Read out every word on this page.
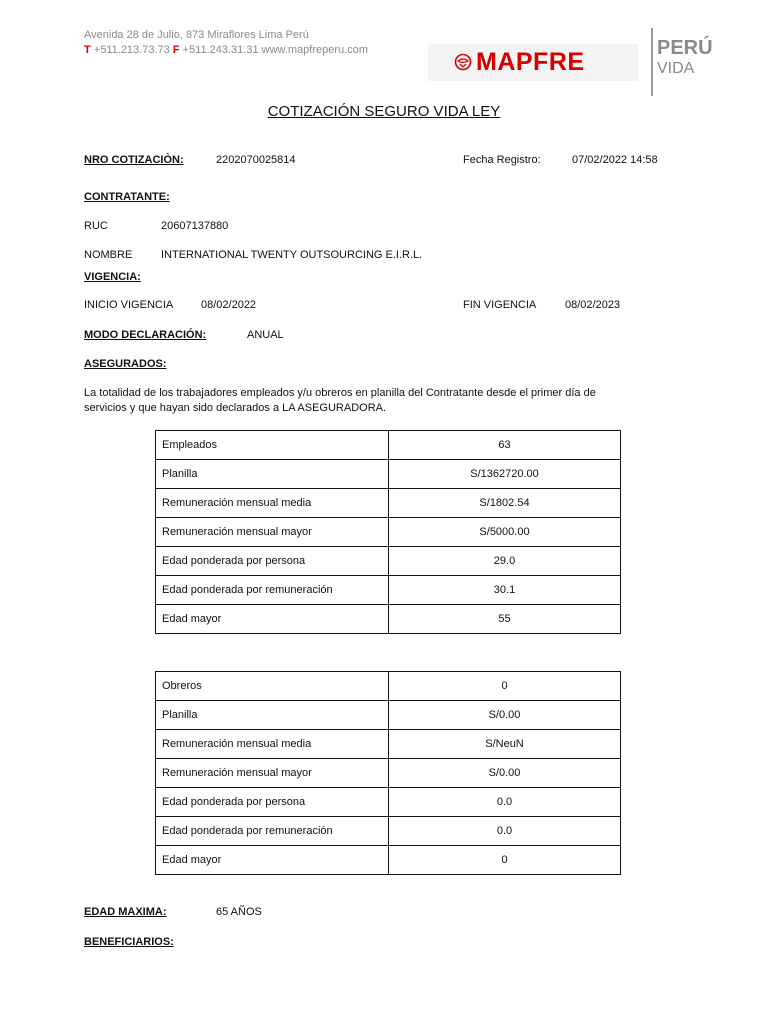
Avenida 28 de Julio, 873 Miraflores Lima Perú
T +511.213.73.73 F +511.243.31.31 www.mapfreperu.com	MAPFRE	PERÚ
VIDA
COTIZACIÓN SEGURO VIDA LEY
NRO COTIZACIÒN:	2202070025814	Fecha Registro:	07/02/2022 14:58
CONTRATANTE:
RUC	20607137880
NOMBRE	INTERNATIONAL TWENTY OUTSOURCING E.I.R.L.
VIGENCIA:
INICIO VIGENCIA	08/02/2022	FIN VIGENCIA	08/02/2023
MODO DECLARACIÓN:	ANUAL
ASEGURADOS:
La totalidad de los trabajadores empleados y/u obreros en planilla del Contratante desde el primer día de servicios y que hayan sido declarados a LA ASEGURADORA.
Empleados	63
Planilla	S/1362720.00
Remuneración mensual media	S/1802.54
Remuneración mensual mayor	S/5000.00
Edad ponderada por persona	29.0
Edad ponderada por remuneración	30.1
Edad mayor	55
Obreros	0
Planilla	S/0.00
Remuneración mensual media	S/NeuN
Remuneración mensual mayor	S/0.00
Edad ponderada por persona	0.0
Edad ponderada por remuneración	0.0
Edad mayor	0
EDAD MAXIMA:	65 AÑOS
BENEFICIARIOS:
